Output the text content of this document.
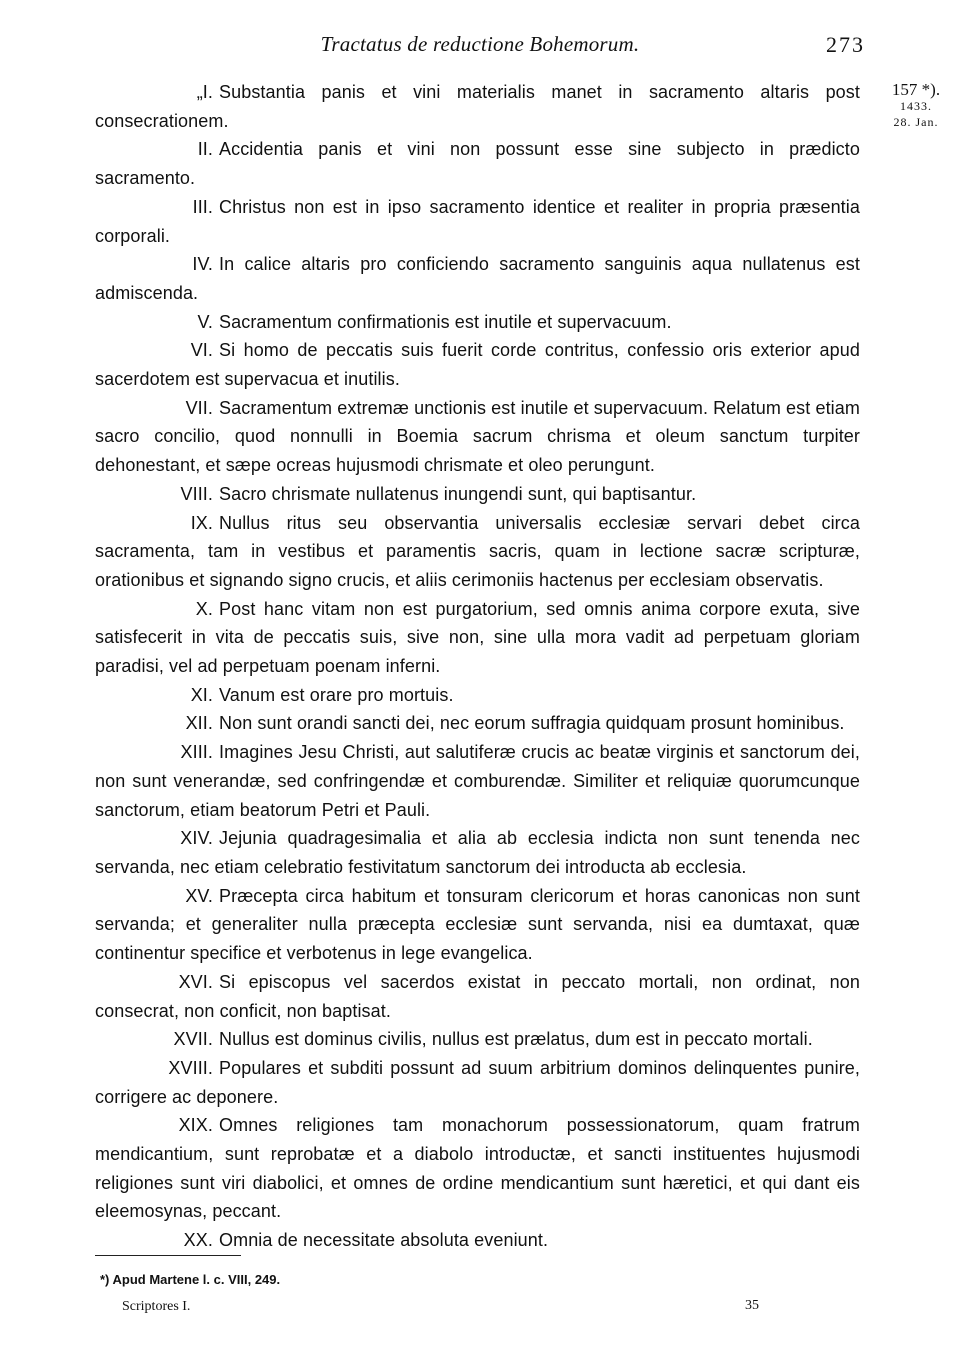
Tractatus de reductione Bohemorum.	273
157 *).
1433.
28. Jan.

„I. Substantia panis et vini materialis manet in sacramento altaris post consecrationem.

II. Accidentia panis et vini non possunt esse sine subjecto in prædicto sacramento.

III. Christus non est in ipso sacramento identice et realiter in propria præsentia corporali.

IV. In calice altaris pro conficiendo sacramento sanguinis aqua nullatenus est admiscenda.

V. Sacramentum confirmationis est inutile et supervacuum.

VI. Si homo de peccatis suis fuerit corde contritus, confessio oris exterior apud sacerdotem est supervacua et inutilis.

VII. Sacramentum extremæ unctionis est inutile et supervacuum. Relatum est etiam sacro concilio, quod nonnulli in Boemia sacrum chrisma et oleum sanctum turpiter dehonestant, et sæpe ocreas hujusmodi chrismate et oleo perungunt.

VIII. Sacro chrismate nullatenus inungendi sunt, qui baptisantur.

IX. Nullus ritus seu observantia universalis ecclesiæ servari debet circa sacramenta, tam in vestibus et paramentis sacris, quam in lectione sacræ scripturæ, orationibus et signando signo crucis, et aliis cerimoniis hactenus per ecclesiam observatis.

X. Post hanc vitam non est purgatorium, sed omnis anima corpore exuta, sive satisfecerit in vita de peccatis suis, sive non, sine ulla mora vadit ad perpetuam gloriam paradisi, vel ad perpetuam poenam inferni.

XI. Vanum est orare pro mortuis.

XII. Non sunt orandi sancti dei, nec eorum suffragia quidquam prosunt hominibus.

XIII. Imagines Jesu Christi, aut salutiferæ crucis ac beatæ virginis et sanctorum dei, non sunt venerandæ, sed confringendæ et comburendæ. Similiter et reliquiæ quorumcunque sanctorum, etiam beatorum Petri et Pauli.

XIV. Jejunia quadragesimalia et alia ab ecclesia indicta non sunt tenenda nec servanda, nec etiam celebratio festivitatum sanctorum dei introducta ab ecclesia.

XV. Præcepta circa habitum et tonsuram clericorum et horas canonicas non sunt servanda; et generaliter nulla præcepta ecclesiæ sunt servanda, nisi ea dumtaxat, quæ continentur specifice et verbotenus in lege evangelica.

XVI. Si episcopus vel sacerdos existat in peccato mortali, non ordinat, non consecrat, non conficit, non baptisat.

XVII. Nullus est dominus civilis, nullus est prælatus, dum est in peccato mortali.

XVIII. Populares et subditi possunt ad suum arbitrium dominos delinquentes punire, corrigere ac deponere.

XIX. Omnes religiones tam monachorum possessionatorum, quam fratrum mendicantium, sunt reprobatæ et a diabolo introductæ, et sancti instituentes hujusmodi religiones sunt viri diabolici, et omnes de ordine mendicantium sunt hæretici, et qui dant eis eleemosynas, peccant.

XX. Omnia de necessitate absoluta eveniunt.

*) Apud Martene l. c. VIII, 249.
Scriptores I.	35
